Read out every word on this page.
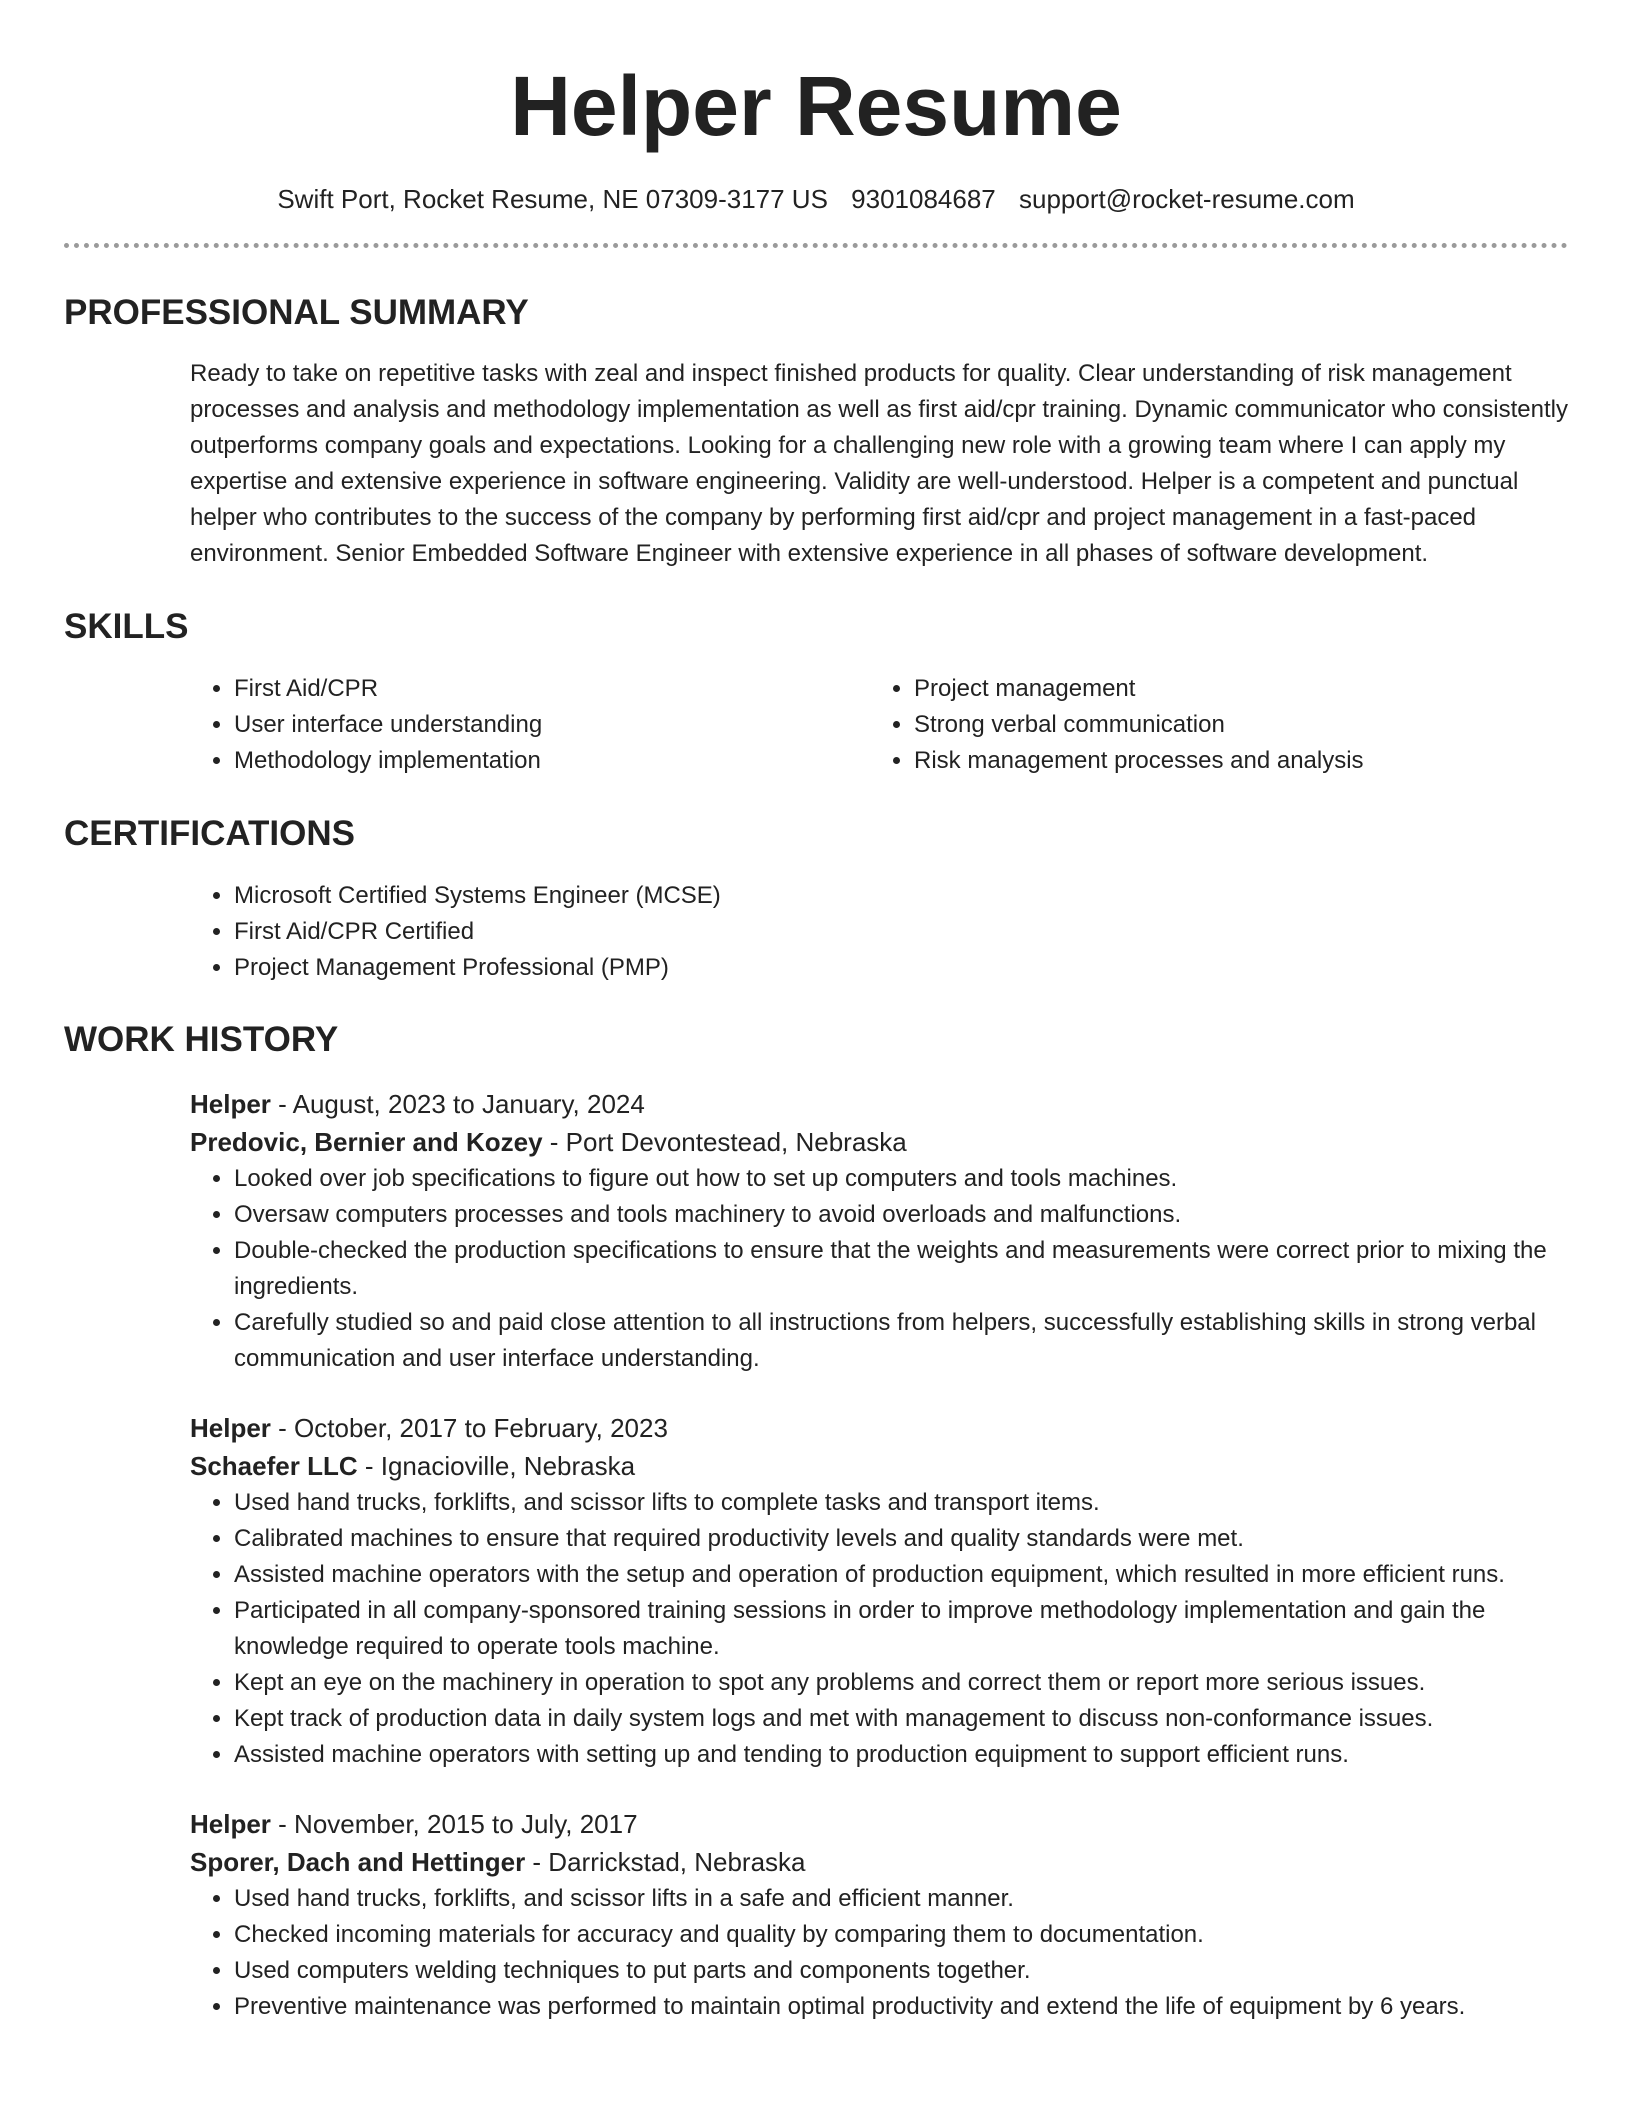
Helper Resume
Swift Port, Rocket Resume, NE 07309-3177 US 9301084687 support@rocket-resume.com
PROFESSIONAL SUMMARY
Ready to take on repetitive tasks with zeal and inspect finished products for quality. Clear understanding of risk management processes and analysis and methodology implementation as well as first aid/cpr training. Dynamic communicator who consistently outperforms company goals and expectations. Looking for a challenging new role with a growing team where I can apply my expertise and extensive experience in software engineering. Validity are well-understood. Helper is a competent and punctual helper who contributes to the success of the company by performing first aid/cpr and project management in a fast-paced environment. Senior Embedded Software Engineer with extensive experience in all phases of software development.
SKILLS
• First Aid/CPR
• User interface understanding
• Methodology implementation
• Project management
• Strong verbal communication
• Risk management processes and analysis
CERTIFICATIONS
• Microsoft Certified Systems Engineer (MCSE)
• First Aid/CPR Certified
• Project Management Professional (PMP)
WORK HISTORY
Helper - August, 2023 to January, 2024
Predovic, Bernier and Kozey - Port Devontestead, Nebraska
• Looked over job specifications to figure out how to set up computers and tools machines.
• Oversaw computers processes and tools machinery to avoid overloads and malfunctions.
• Double-checked the production specifications to ensure that the weights and measurements were correct prior to mixing the ingredients.
• Carefully studied so and paid close attention to all instructions from helpers, successfully establishing skills in strong verbal communication and user interface understanding.
Helper - October, 2017 to February, 2023
Schaefer LLC - Ignacioville, Nebraska
• Used hand trucks, forklifts, and scissor lifts to complete tasks and transport items.
• Calibrated machines to ensure that required productivity levels and quality standards were met.
• Assisted machine operators with the setup and operation of production equipment, which resulted in more efficient runs.
• Participated in all company-sponsored training sessions in order to improve methodology implementation and gain the knowledge required to operate tools machine.
• Kept an eye on the machinery in operation to spot any problems and correct them or report more serious issues.
• Kept track of production data in daily system logs and met with management to discuss non-conformance issues.
• Assisted machine operators with setting up and tending to production equipment to support efficient runs.
Helper - November, 2015 to July, 2017
Sporer, Dach and Hettinger - Darrickstad, Nebraska
• Used hand trucks, forklifts, and scissor lifts in a safe and efficient manner.
• Checked incoming materials for accuracy and quality by comparing them to documentation.
• Used computers welding techniques to put parts and components together.
• Preventive maintenance was performed to maintain optimal productivity and extend the life of equipment by 6 years.
